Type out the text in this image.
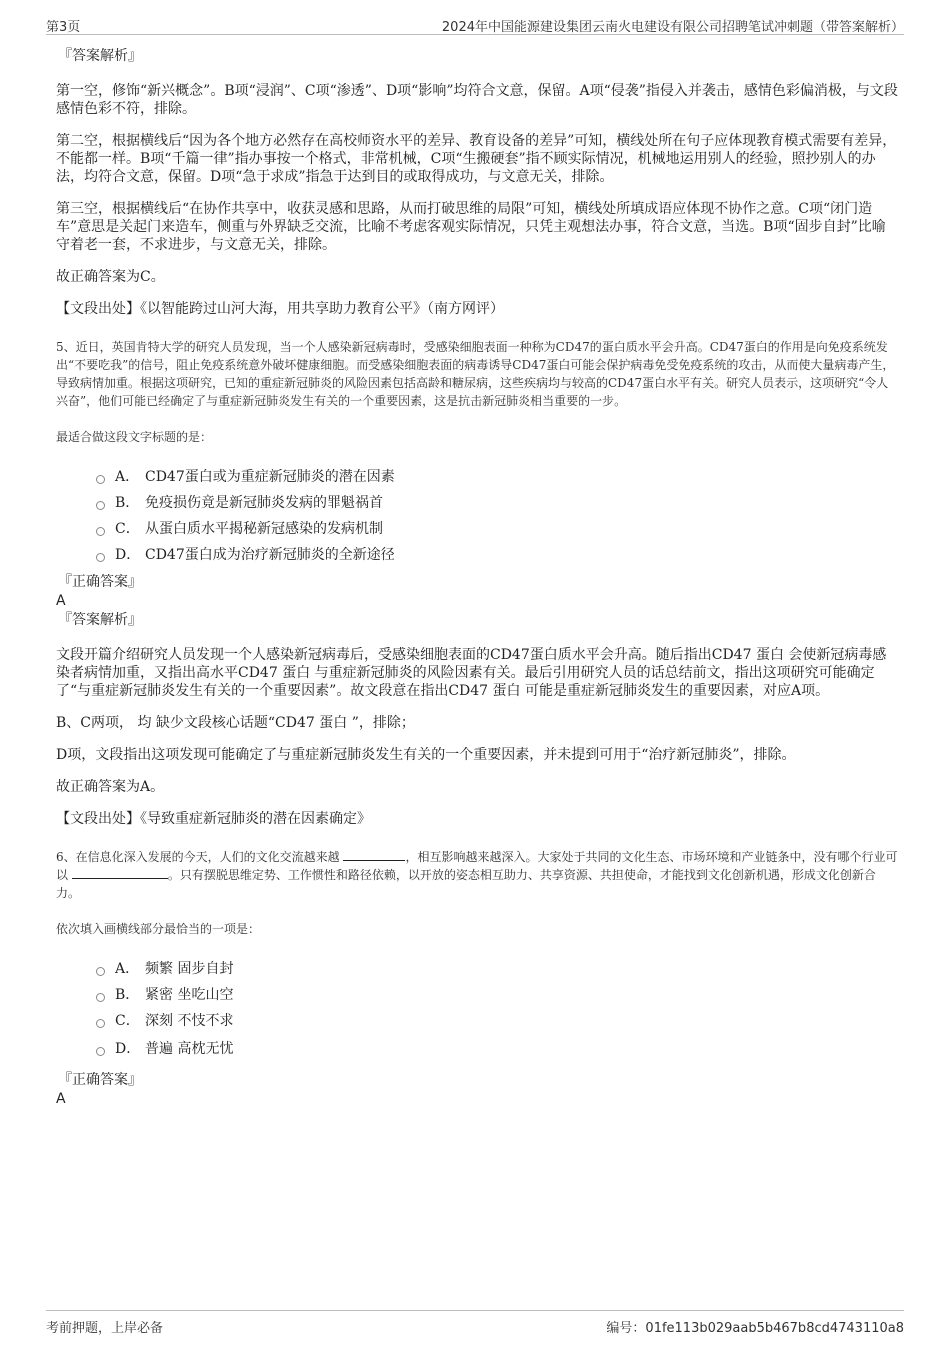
第3页	2024年中国能源建设集团云南火电建设有限公司招聘笔试冲刺题（带答案解析）

『答案解析』

第一空，修饰“新兴概念”。B项“浸润”、C项“渗透”、D项“影响”均符合文意，保留。A项“侵袭”指侵入并袭击，感情色彩偏消极，与文段感情色彩不符，排除。

第二空，根据横线后“因为各个地方必然存在高校师资水平的差异、教育设备的差异”可知，横线处所在句子应体现教育模式需要有差异，不能都一样。B项“千篇一律”指办事按一个格式，非常机械，C项“生搬硬套”指不顾实际情况，机械地运用别人的经验，照抄别人的办法，均符合文意，保留。D项“急于求成”指急于达到目的或取得成功，与文意无关，排除。

第三空，根据横线后“在协作共享中，收获灵感和思路，从而打破思维的局限”可知，横线处所填成语应体现不协作之意。C项“闭门造车”意思是关起门来造车，侧重与外界缺乏交流，比喻不考虑客观实际情况，只凭主观想法办事，符合文意，当选。B项“固步自封”比喻守着老一套，不求进步，与文意无关，排除。

故正确答案为C。

【文段出处】《以智能跨过山河大海，用共享助力教育公平》（南方网评）

5、近日，英国肯特大学的研究人员发现，当一个人感染新冠病毒时，受感染细胞表面一种称为CD47的蛋白质水平会升高。CD47蛋白的作用是向免疫系统发出“不要吃我”的信号，阻止免疫系统意外破坏健康细胞。而受感染细胞表面的病毒诱导CD47蛋白可能会保护病毒免受免疫系统的攻击，从而使大量病毒产生，导致病情加重。根据这项研究，已知的重症新冠肺炎的风险因素包括高龄和糖尿病，这些疾病均与较高的CD47蛋白水平有关。研究人员表示，这项研究“令人兴奋”，他们可能已经确定了与重症新冠肺炎发生有关的一个重要因素，这是抗击新冠肺炎相当重要的一步。

最适合做这段文字标题的是：

A． CD47蛋白或为重症新冠肺炎的潜在因素
B． 免疫损伤竟是新冠肺炎发病的罪魁祸首
C． 从蛋白质水平揭秘新冠感染的发病机制
D． CD47蛋白成为治疗新冠肺炎的全新途径

『正确答案』

A

『答案解析』

文段开篇介绍研究人员发现一个人感染新冠病毒后，受感染细胞表面的CD47蛋白质水平会升高。随后指出CD47 蛋白 会使新冠病毒感染者病情加重，又指出高水平CD47 蛋白 与重症新冠肺炎的风险因素有关。最后引用研究人员的话总结前文，指出这项研究可能确定了“与重症新冠肺炎发生有关的一个重要因素”。故文段意在指出CD47 蛋白 可能是重症新冠肺炎发生的重要因素，对应A项。

B、C两项， 均 缺少文段核心话题“CD47 蛋白 ”，排除；

D项，文段指出这项发现可能确定了与重症新冠肺炎发生有关的一个重要因素，并未提到可用于“治疗新冠肺炎”，排除。

故正确答案为A。

【文段出处】《导致重症新冠肺炎的潜在因素确定》

6、在信息化深入发展的今天，人们的文化交流越来越	，相互影响越来越深入。大家处于共同的文化生态、市场环境和产业链条中，没有哪个行业可以	。只有摆脱思维定势、工作惯性和路径依赖，以开放的姿态相互助力、共享资源、共担使命，才能找到文化创新机遇，形成文化创新合力。

依次填入画横线部分最恰当的一项是：

A． 频繁 固步自封
B． 紧密 坐吃山空
C． 深刻 不忮不求
D． 普遍 高枕无忧

『正确答案』

A

考前押题，上岸必备	编号：01fe113b029aab5b467b8cd4743110a8
